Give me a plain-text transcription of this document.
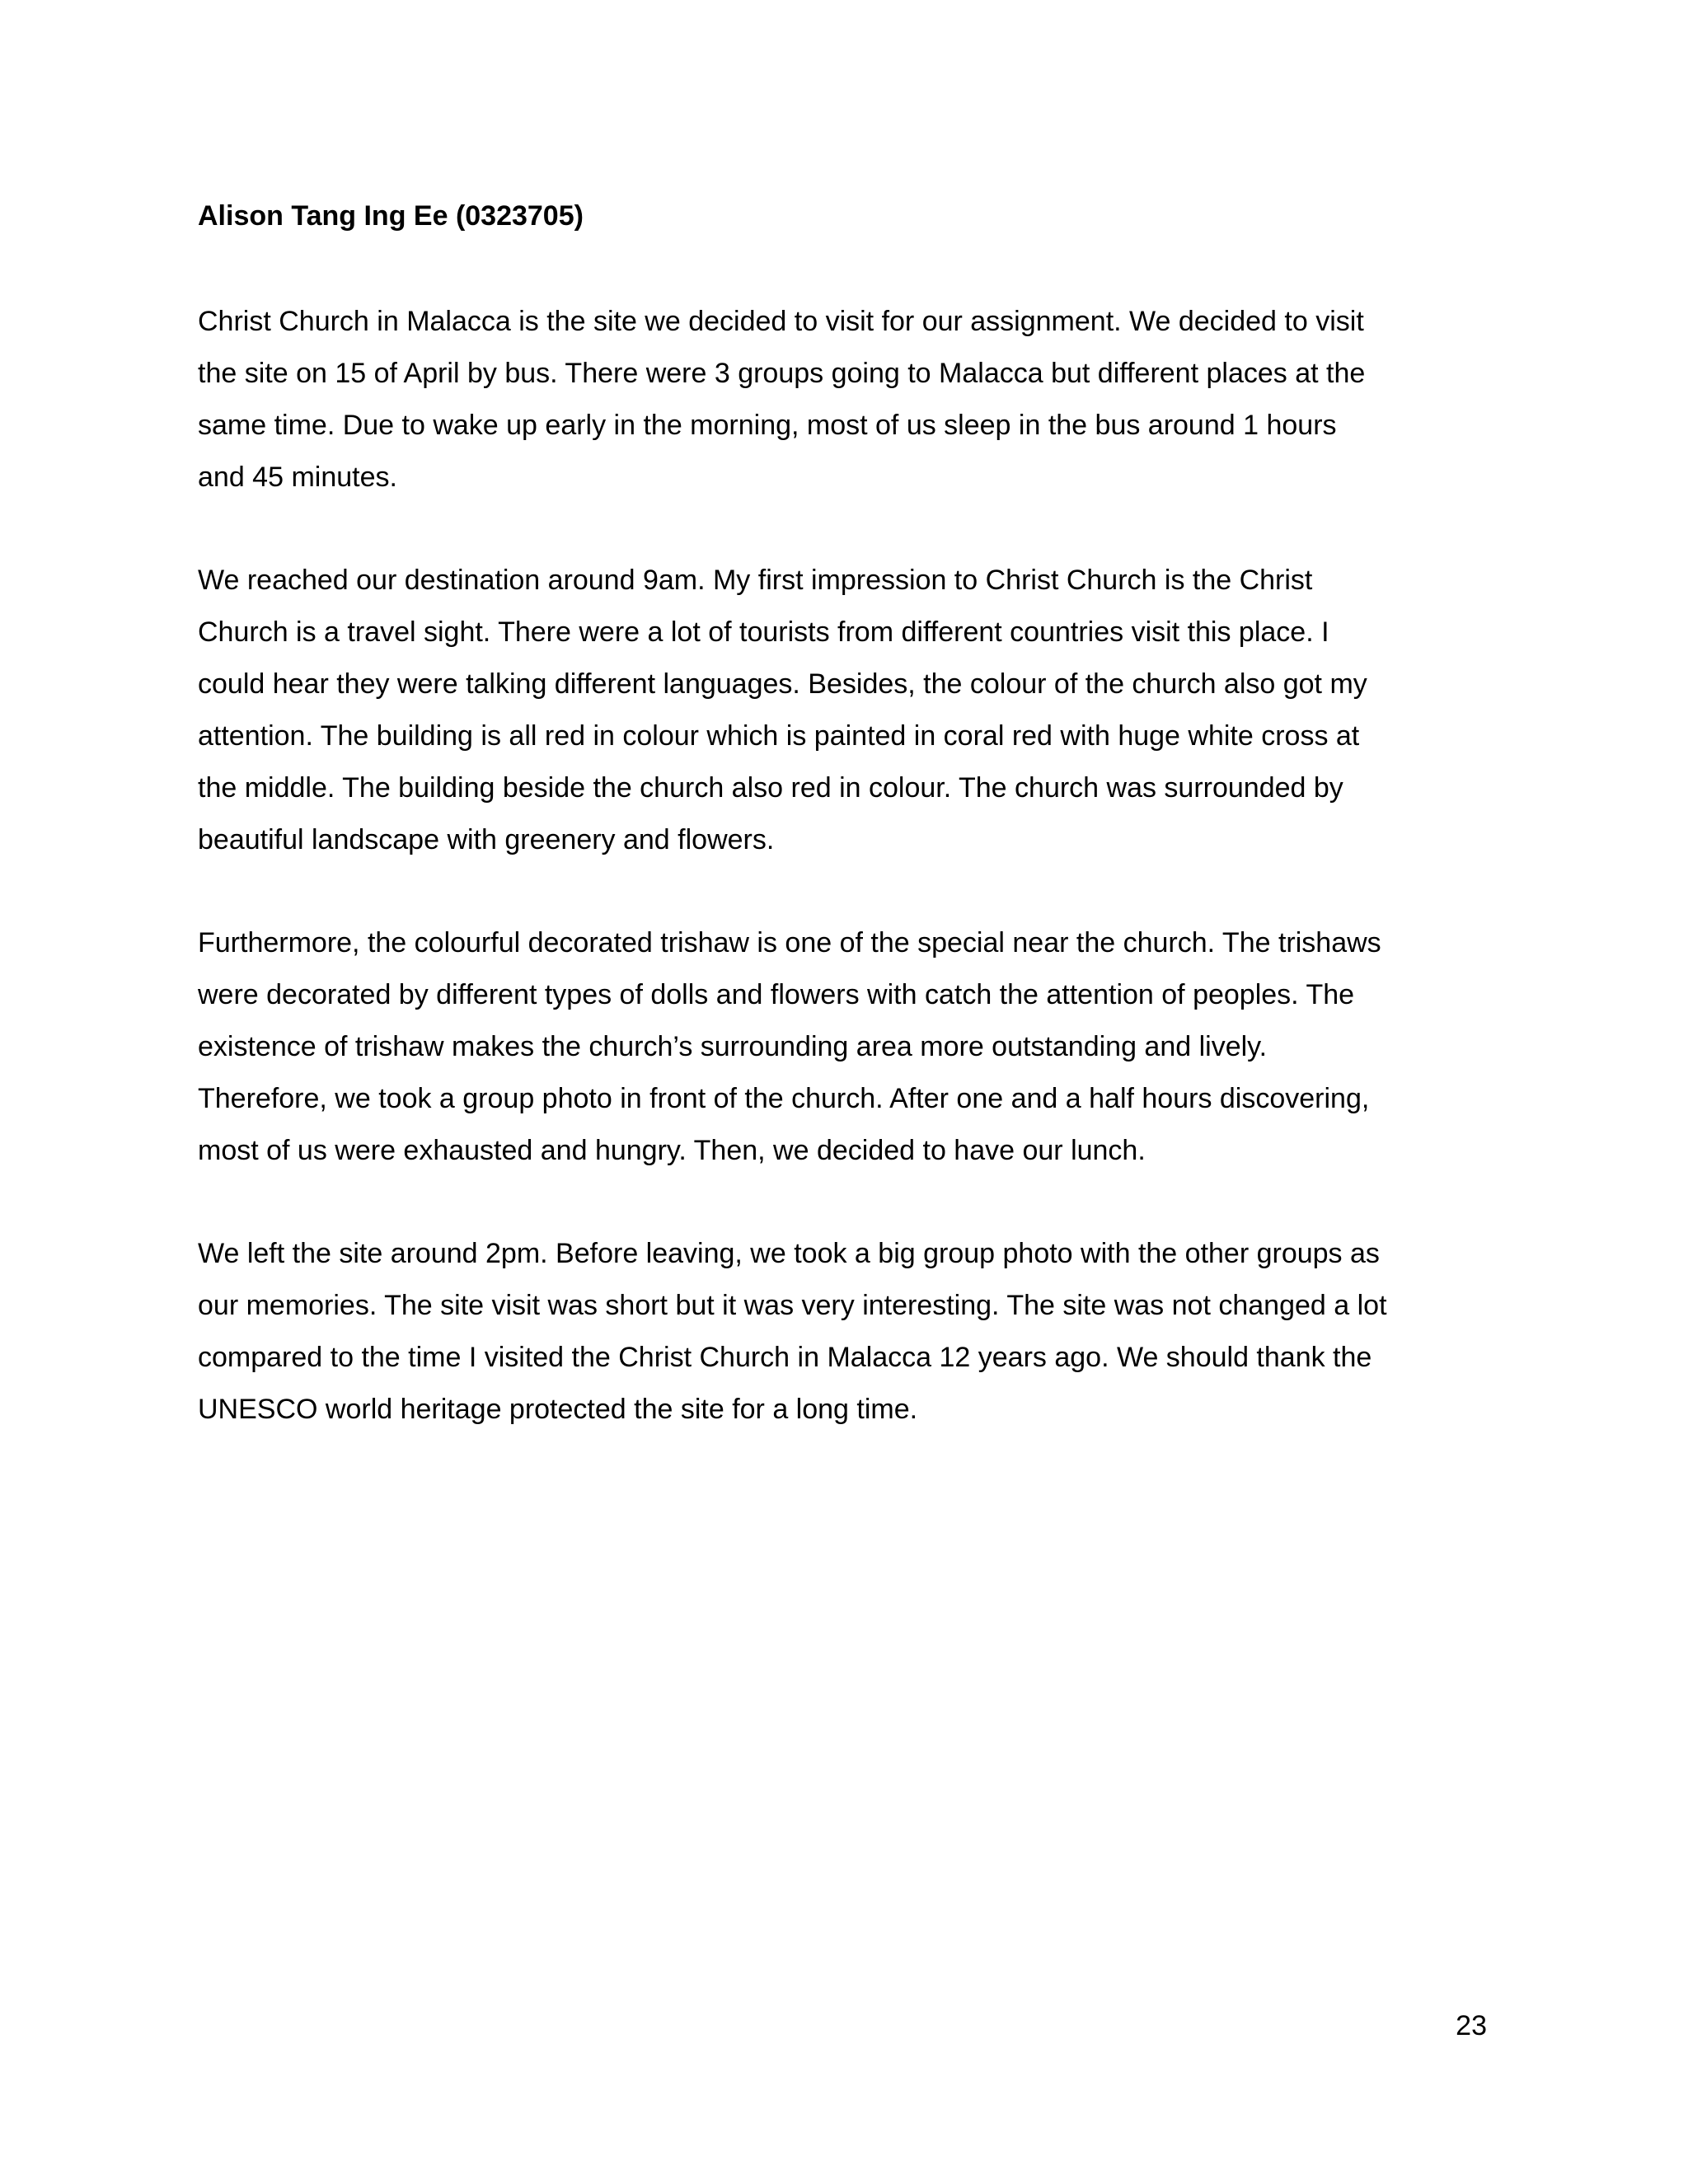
Alison Tang Ing Ee (0323705)
Christ Church in Malacca is the site we decided to visit for our assignment. We decided to visit
the site on 15 of April by bus. There were 3 groups going to Malacca but different places at the
same time. Due to wake up early in the morning, most of us sleep in the bus around 1 hours
and 45 minutes.
We reached our destination around 9am. My first impression to Christ Church is the Christ
Church is a travel sight. There were a lot of tourists from different countries visit this place. I
could hear they were talking different languages. Besides, the colour of the church also got my
attention. The building is all red in colour which is painted in coral red with huge white cross at
the middle. The building beside the church also red in colour. The church was surrounded by
beautiful landscape with greenery and flowers.
Furthermore, the colourful decorated trishaw is one of the special near the church. The trishaws
were decorated by different types of dolls and flowers with catch the attention of peoples. The
existence of trishaw makes the church’s surrounding area more outstanding and lively.
Therefore, we took a group photo in front of the church. After one and a half hours discovering,
most of us were exhausted and hungry. Then, we decided to have our lunch.
We left the site around 2pm. Before leaving, we took a big group photo with the other groups as
our memories. The site visit was short but it was very interesting. The site was not changed a lot
compared to the time I visited the Christ Church in Malacca 12 years ago. We should thank the
UNESCO world heritage protected the site for a long time.
23
